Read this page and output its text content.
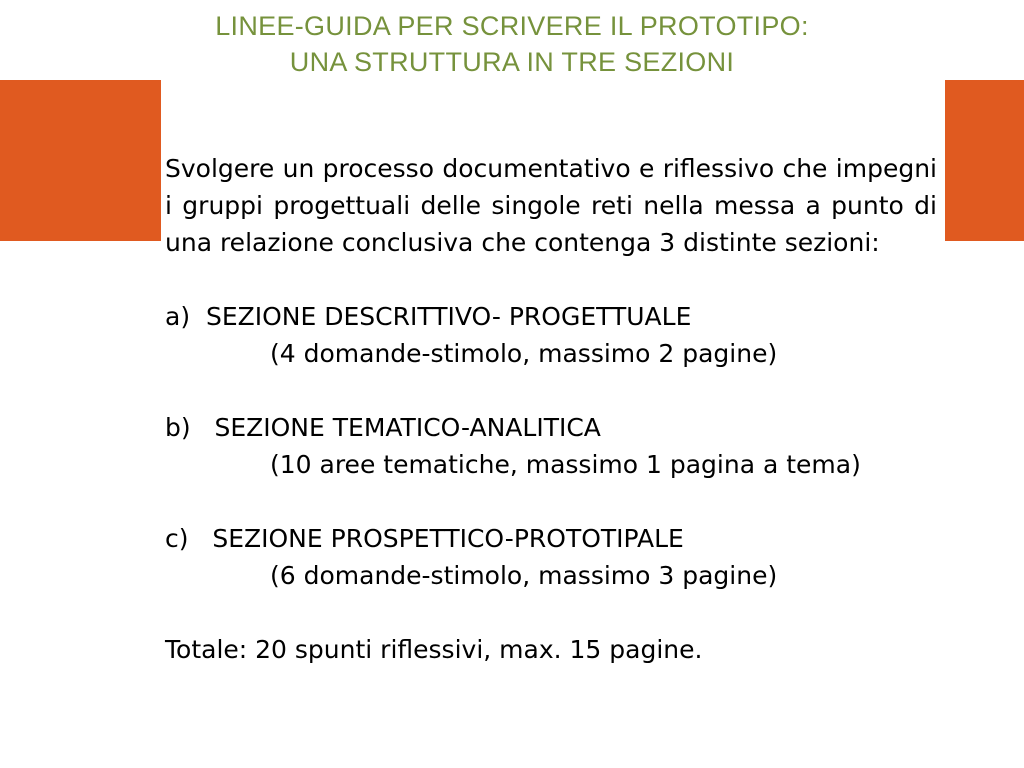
LINEE-GUIDA PER SCRIVERE IL PROTOTIPO:
UNA STRUTTURA IN TRE SEZIONI

Svolgere un processo documentativo e riflessivo che impegni i gruppi progettuali delle singole reti nella messa a punto di una relazione conclusiva che contenga 3 distinte sezioni:

a)  SEZIONE DESCRITTIVO- PROGETTUALE
(4 domande-stimolo, massimo 2 pagine)
b)   SEZIONE TEMATICO-ANALITICA
(10 aree tematiche, massimo 1 pagina a tema)
c)   SEZIONE PROSPETTICO-PROTOTIPALE
(6 domande-stimolo, massimo 3 pagine)
Totale: 20 spunti riflessivi, max. 15 pagine.
